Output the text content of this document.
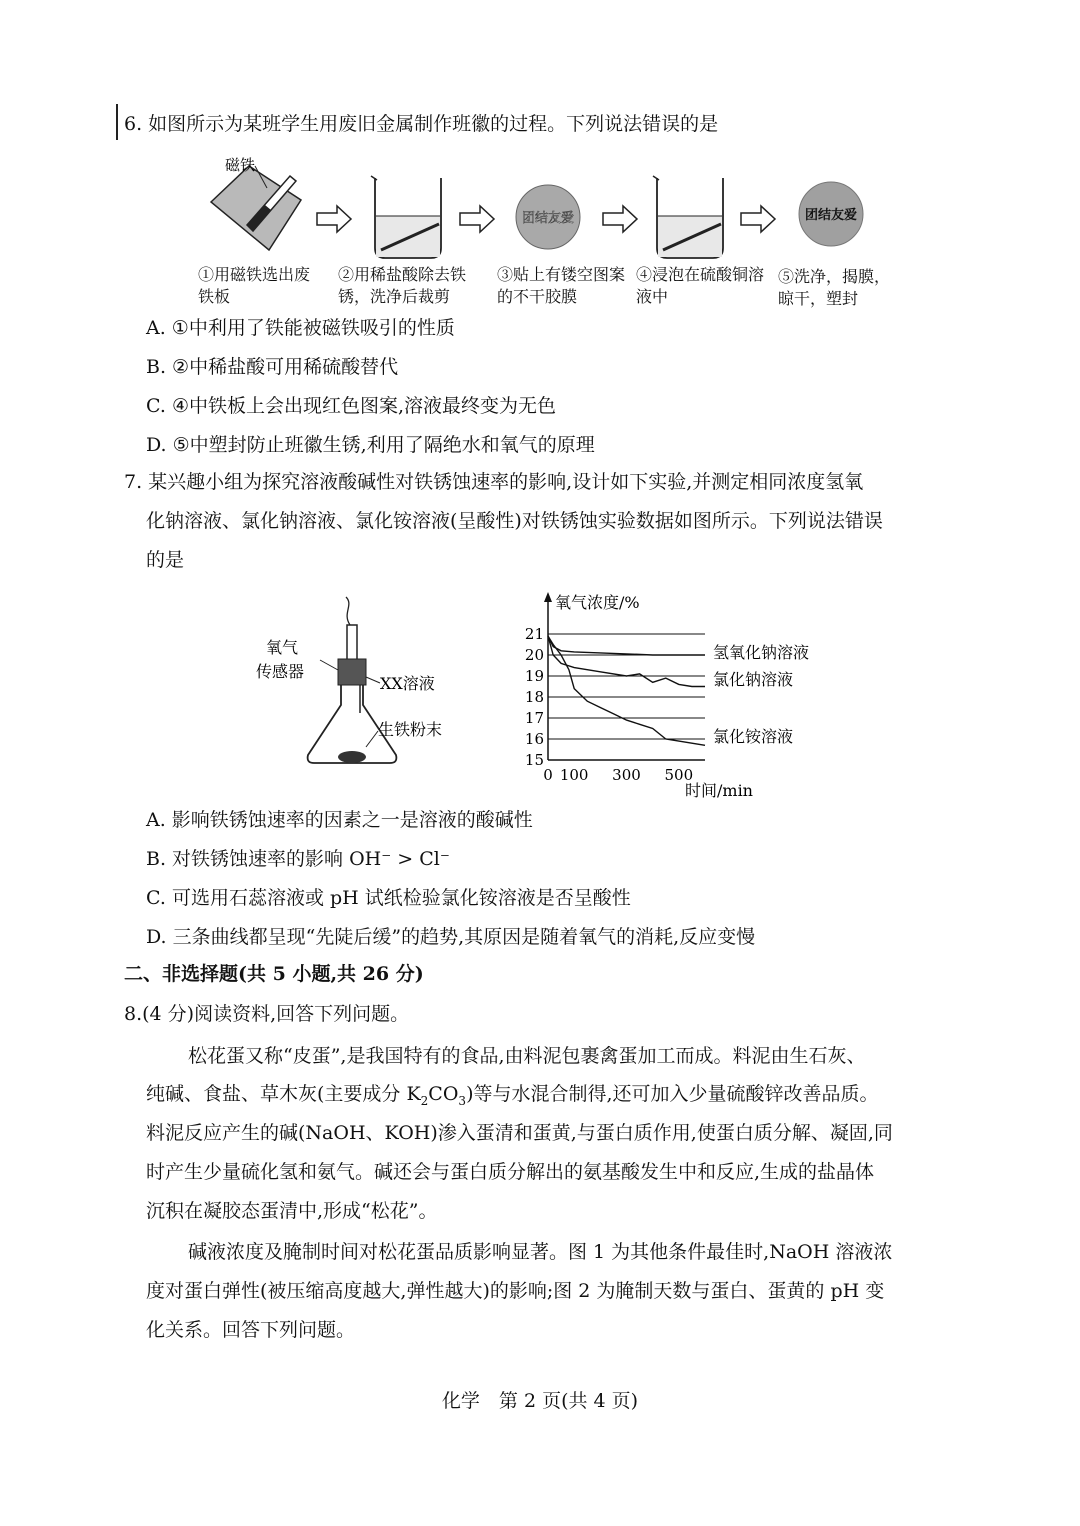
6. 如图所示为某班学生用废旧金属制作班徽的过程。下列说法错误的是
磁铁
团结友爱	团结友爱
①用磁铁选出废铁板
②用稀盐酸除去铁锈，洗净后裁剪
③贴上有镂空图案的不干胶膜
④浸泡在硫酸铜溶液中
⑤洗净，揭膜，晾干，塑封
A. ①中利用了铁能被磁铁吸引的性质
B. ②中稀盐酸可用稀硫酸替代
C. ④中铁板上会出现红色图案,溶液最终变为无色
D. ⑤中塑封防止班徽生锈,利用了隔绝水和氧气的原理
7. 某兴趣小组为探究溶液酸碱性对铁锈蚀速率的影响,设计如下实验,并测定相同浓度氢氧
化钠溶液、氯化钠溶液、氯化铵溶液(呈酸性)对铁锈蚀实验数据如图所示。下列说法错误
的是
氧气
传感器
XX溶液
生铁粉末
氧气浓度/%
时间/min
21
20
19
18
17
16
15
0 100 300 500
氢氧化钠溶液
氯化钠溶液
氯化铵溶液
A. 影响铁锈蚀速率的因素之一是溶液的酸碱性
B. 对铁锈蚀速率的影响 OH⁻ > Cl⁻
C. 可选用石蕊溶液或 pH 试纸检验氯化铵溶液是否呈酸性
D. 三条曲线都呈现“先陡后缓”的趋势,其原因是随着氧气的消耗,反应变慢
二、非选择题(共 5 小题,共 26 分)
8.(4 分)阅读资料,回答下列问题。
松花蛋又称“皮蛋”,是我国特有的食品,由料泥包裹禽蛋加工而成。料泥由生石灰、
纯碱、食盐、草木灰(主要成分 $K_2CO_3$)等与水混合制得,还可加入少量硫酸锌改善品质。
料泥反应产生的碱(NaOH、KOH)渗入蛋清和蛋黄,与蛋白质作用,使蛋白质分解、凝固,同
时产生少量硫化氢和氨气。碱还会与蛋白质分解出的氨基酸发生中和反应,生成的盐晶体
沉积在凝胶态蛋清中,形成“松花”。
碱液浓度及腌制时间对松花蛋品质影响显著。图 1 为其他条件最佳时,NaOH 溶液浓
度对蛋白弹性(被压缩高度越大,弹性越大)的影响;图 2 为腌制天数与蛋白、蛋黄的 pH 变
化关系。回答下列问题。
化学　第 2 页(共 4 页)
